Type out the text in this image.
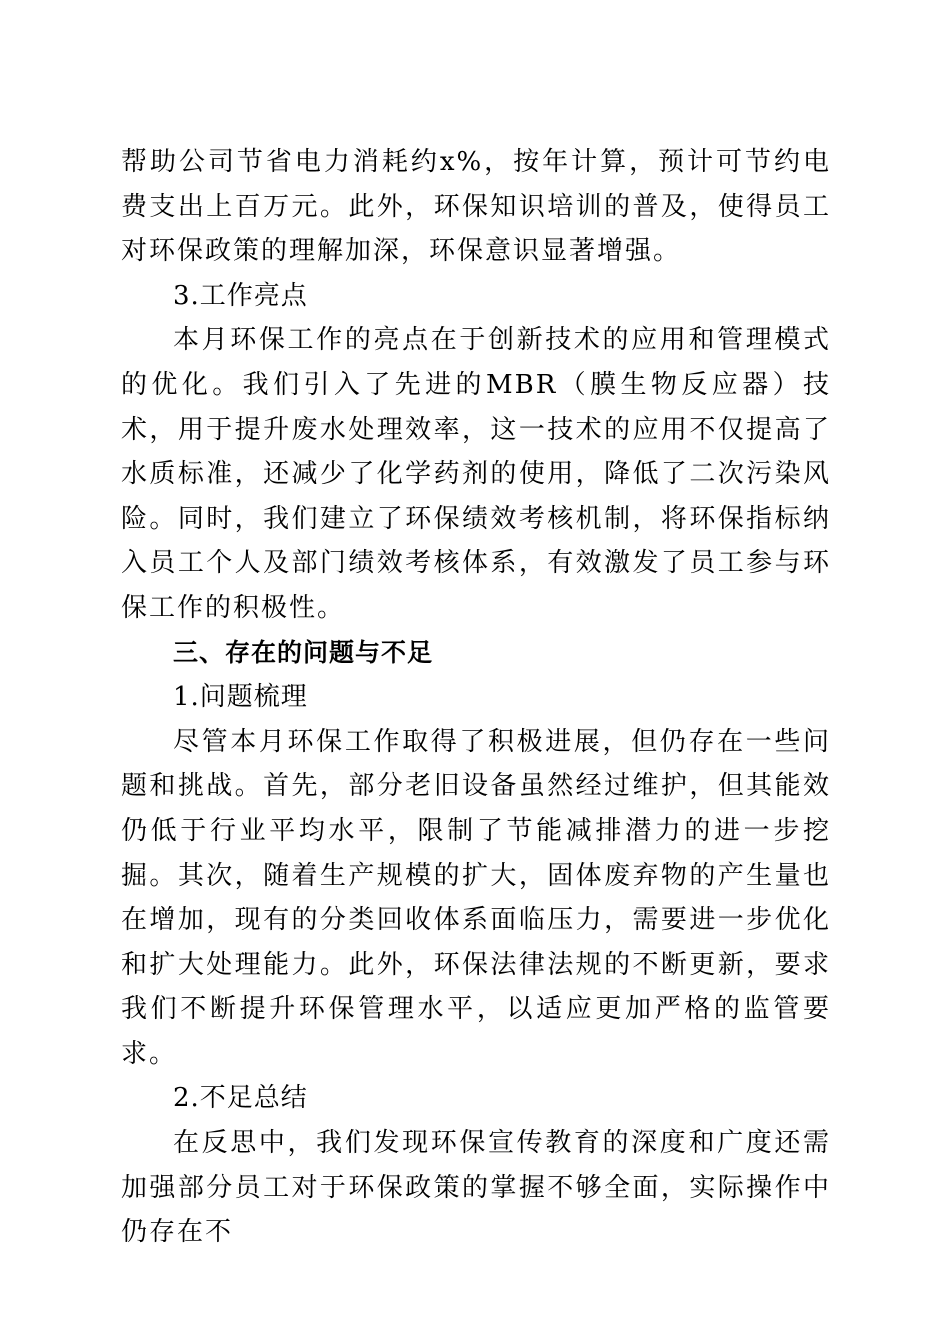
帮助公司节省电力消耗约x%，按年计算，预计可节约电费支出上百万元。此外，环保知识培训的普及，使得员工对环保政策的理解加深，环保意识显著增强。

3.工作亮点

本月环保工作的亮点在于创新技术的应用和管理模式的优化。我们引入了先进的MBR（膜生物反应器）技术，用于提升废水处理效率，这一技术的应用不仅提高了水质标准，还减少了化学药剂的使用，降低了二次污染风险。同时，我们建立了环保绩效考核机制，将环保指标纳入员工个人及部门绩效考核体系，有效激发了员工参与环保工作的积极性。

三、存在的问题与不足

1.问题梳理

尽管本月环保工作取得了积极进展，但仍存在一些问题和挑战。首先，部分老旧设备虽然经过维护，但其能效仍低于行业平均水平，限制了节能减排潜力的进一步挖掘。其次，随着生产规模的扩大，固体废弃物的产生量也在增加，现有的分类回收体系面临压力，需要进一步优化和扩大处理能力。此外，环保法律法规的不断更新，要求我们不断提升环保管理水平，以适应更加严格的监管要求。

2.不足总结

在反思中，我们发现环保宣传教育的深度和广度还需加强部分员工对于环保政策的掌握不够全面，实际操作中仍存在不
